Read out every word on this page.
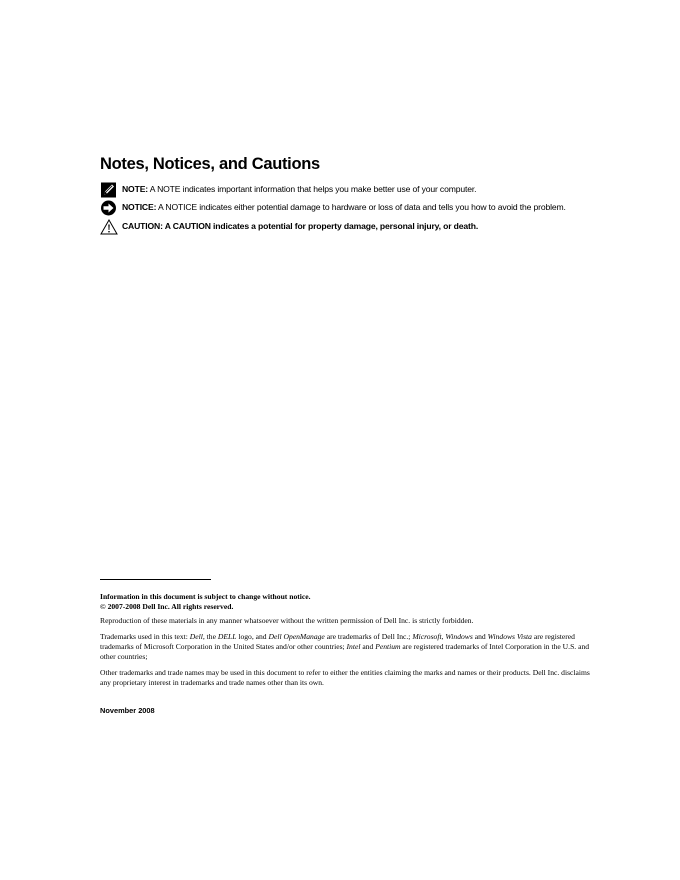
Notes, Notices, and Cautions
NOTE: A NOTE indicates important information that helps you make better use of your computer.
NOTICE: A NOTICE indicates either potential damage to hardware or loss of data and tells you how to avoid the problem.
CAUTION: A CAUTION indicates a potential for property damage, personal injury, or death.
Information in this document is subject to change without notice.
© 2007-2008 Dell Inc. All rights reserved.
Reproduction of these materials in any manner whatsoever without the written permission of Dell Inc. is strictly forbidden.
Trademarks used in this text: Dell, the DELL logo, and Dell OpenManage are trademarks of Dell Inc.; Microsoft, Windows and Windows Vista are registered trademarks of Microsoft Corporation in the United States and/or other countries; Intel and Pentium are registered trademarks of Intel Corporation in the U.S. and other countries;
Other trademarks and trade names may be used in this document to refer to either the entities claiming the marks and names or their products. Dell Inc. disclaims any proprietary interest in trademarks and trade names other than its own.
November 2008
